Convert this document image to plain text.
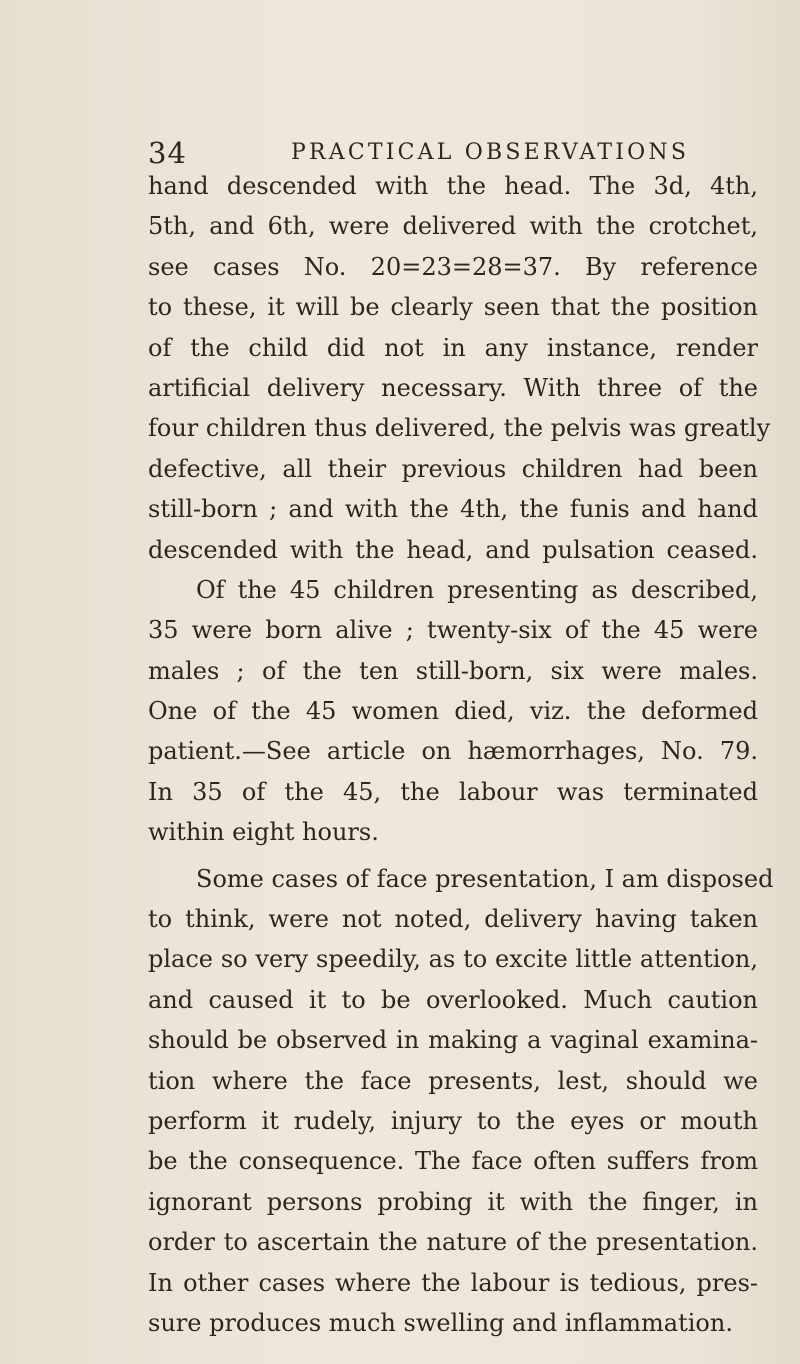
34	PRACTICAL OBSERVATIONS
hand descended with the head. The 3d, 4th,
5th, and 6th, were delivered with the crotchet,
see cases No. 20=23=28=37. By reference
to these, it will be clearly seen that the position
of the child did not in any instance, render
artificial delivery necessary. With three of the
four children thus delivered, the pelvis was greatly
defective, all their previous children had been
still-born ; and with the 4th, the funis and hand
descended with the head, and pulsation ceased.
Of the 45 children presenting as described,
35 were born alive ; twenty-six of the 45 were
males ; of the ten still-born, six were males.
One of the 45 women died, viz. the deformed
patient.—See article on hæmorrhages, No. 79.
In 35 of the 45, the labour was terminated
within eight hours.
Some cases of face presentation, I am disposed
to think, were not noted, delivery having taken
place so very speedily, as to excite little attention,
and caused it to be overlooked. Much caution
should be observed in making a vaginal examina-
tion where the face presents, lest, should we
perform it rudely, injury to the eyes or mouth
be the consequence. The face often suffers from
ignorant persons probing it with the finger, in
order to ascertain the nature of the presentation.
In other cases where the labour is tedious, pres-
sure produces much swelling and inflammation.
